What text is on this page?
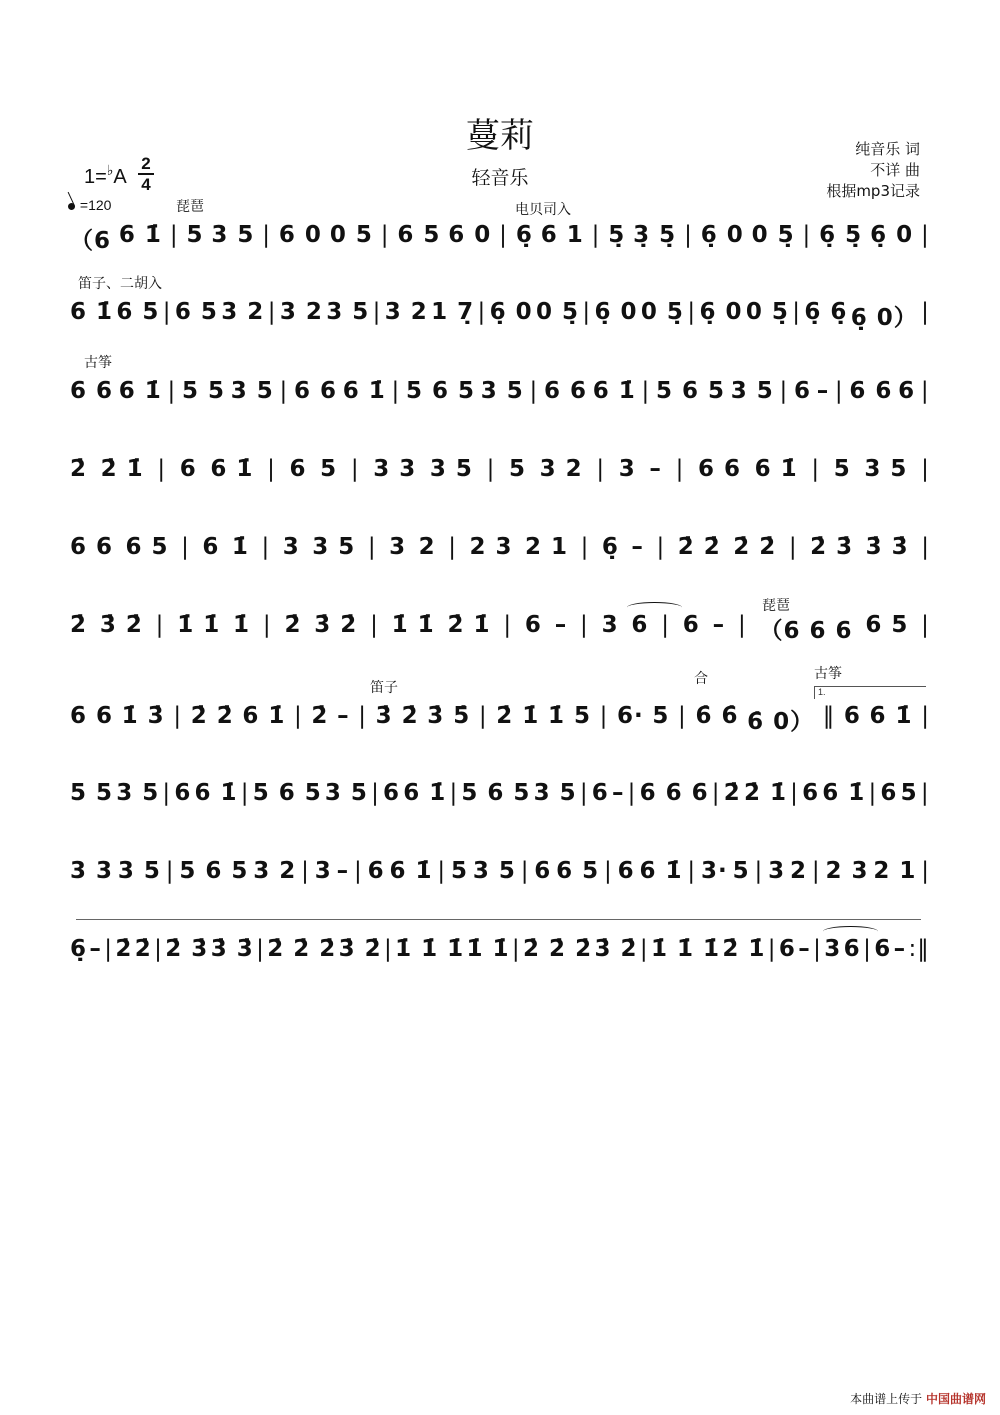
蔓莉
轻音乐
纯音乐 词
不详 曲
根据mp3记录
1=♭A
2
4
=120	琵琶	电贝司入
笛子、二胡入
古筝
琵琶
笛子
合	古筝
1.
（6 6 1̇ | 5 3 5 | 6 0 0 5 | 6 5 6 0 | 6̣ 6 1 | 5̣ 3̣ 5̣ | 6̣ 0 0 5̣ | 6̣ 5̣ 6̣ 0 |
6 1̇ 6 5 | 6 5 3 2 | 3 2 3 5 | 3 2 1 7̣ | 6̣ 0 0 5̣ | 6̣ 0 0 5̣ | 6̣ 0 0 5̣ | 6̣ 6̣ 6̣ 0） |
6 6 6 1̇ | 5 5 3 5 | 6 6 6 1̇ | 5 6 5 3 5 | 6 6 6 1̇ | 5 6 5 3 5 | 6 – | 6 6 6 |
2̇ 2̇ 1̇ | 6 6 1̇ | 6 5 | 3 3 3 5 | 5 3 2 | 3 – | 6 6 6 1̇ | 5 3 5 |
6 6 6 5 | 6 1̇ | 3 3 5 | 3 2 | 2 3 2 1 | 6̣ – | 2̇ 2̇ 2̇ 2̇ | 2̇ 3̇ 3̇ 3̇ |
2̇ 3̇ 2̇ | 1̇ 1̇ 1̇ | 2̇ 3̇ 2̇ | 1̇ 1̇ 2̇ 1̇ | 6 – | 3 6 | 6 – | （6 6 6 6 5 |
6 6 1̇ 3̇ | 2̇ 2̇ 6 1̇ | 2̇ – | 3̇ 2̇ 3̇ 5̇ | 2̇ 1̇ 1̇ 5 | 6· 5 | 6̇ 6̇ 6̇ 0） ‖ 6 6 1̇ |
5 5 3 5 | 6 6 1̇ | 5 6 5 3 5 | 6 6 1̇ | 5 6 5 3 5 | 6 – | 6 6 6 | 2̇ 2̇ 1̇ | 6 6 1̇ | 6 5 |
3 3 3 5 | 5 6 5 3 2 | 3 – | 6 6 1̇ | 5 3 5 | 6 6 5 | 6 6 1̇ | 3· 5 | 3 2 | 2 3 2 1 |
6̣ – | 2̇ 2̇ | 2̇ 3̇ 3̇ 3̇ | 2̇ 2̇ 2̇ 3̇ 2̇ | 1̇ 1̇ 1̇ 1̇ 1̇ | 2̇ 2̇ 2̇ 3̇ 2̇ | 1̇ 1̇ 1̇ 2̇ 1̇ | 6 – | 3 6 | 6 – :‖
本曲谱上传于 中国曲谱网
